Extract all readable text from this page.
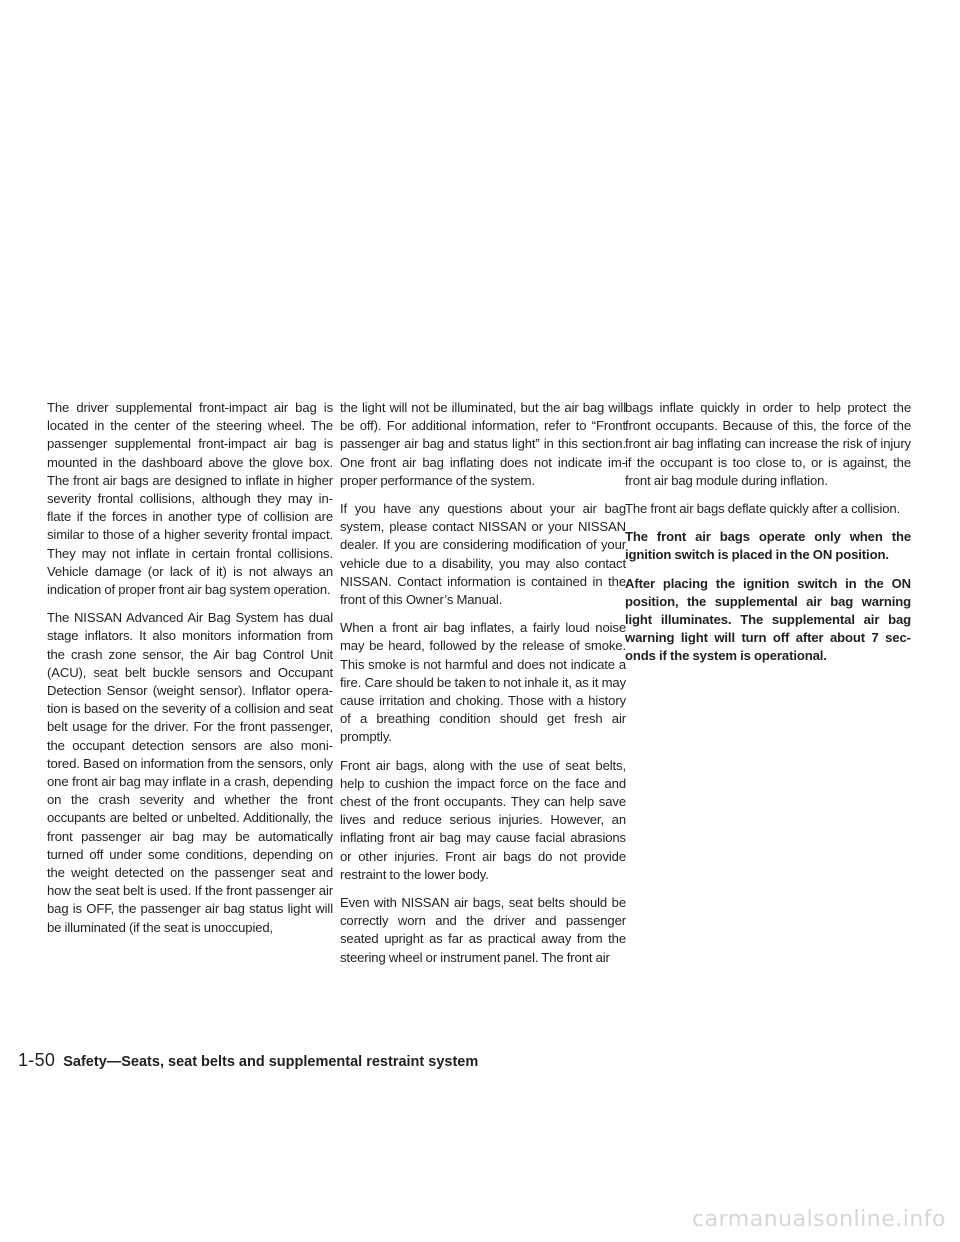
The driver supplemental front-impact air bag is located in the center of the steering wheel. The passenger supplemental front-impact air bag is mounted in the dashboard above the glove box. The front air bags are designed to inflate in higher severity frontal collisions, although they may inflate if the forces in another type of collision are similar to those of a higher severity frontal impact. They may not inflate in certain frontal collisions. Vehicle damage (or lack of it) is not always an indication of proper front air bag system operation.

The NISSAN Advanced Air Bag System has dual stage inflators. It also monitors information from the crash zone sensor, the Air bag Control Unit (ACU), seat belt buckle sensors and Occupant Detection Sensor (weight sensor). Inflator operation is based on the severity of a collision and seat belt usage for the driver. For the front passenger, the occupant detection sensors are also monitored. Based on information from the sensors, only one front air bag may inflate in a crash, depending on the crash severity and whether the front occupants are belted or unbelted. Additionally, the front passenger air bag may be automatically turned off under some conditions, depending on the weight detected on the passenger seat and how the seat belt is used. If the front passenger air bag is OFF, the passenger air bag status light will be illuminated (if the seat is unoccupied,

the light will not be illuminated, but the air bag will be off). For additional information, refer to “Front passenger air bag and status light” in this section. One front air bag inflating does not indicate improper performance of the system.

If you have any questions about your air bag system, please contact NISSAN or your NISSAN dealer. If you are considering modification of your vehicle due to a disability, you may also contact NISSAN. Contact information is contained in the front of this Owner’s Manual.

When a front air bag inflates, a fairly loud noise may be heard, followed by the release of smoke. This smoke is not harmful and does not indicate a fire. Care should be taken to not inhale it, as it may cause irritation and choking. Those with a history of a breathing condition should get fresh air promptly.

Front air bags, along with the use of seat belts, help to cushion the impact force on the face and chest of the front occupants. They can help save lives and reduce serious injuries. However, an inflating front air bag may cause facial abrasions or other injuries. Front air bags do not provide restraint to the lower body.

Even with NISSAN air bags, seat belts should be correctly worn and the driver and passenger seated upright as far as practical away from the steering wheel or instrument panel. The front air

bags inflate quickly in order to help protect the front occupants. Because of this, the force of the front air bag inflating can increase the risk of injury if the occupant is too close to, or is against, the front air bag module during inflation.

The front air bags deflate quickly after a collision.

The front air bags operate only when the ignition switch is placed in the ON position.

After placing the ignition switch in the ON position, the supplemental air bag warning light illuminates. The supplemental air bag warning light will turn off after about 7 seconds if the system is operational.

1-50 Safety—Seats, seat belts and supplemental restraint system
carmanualsonline.info
